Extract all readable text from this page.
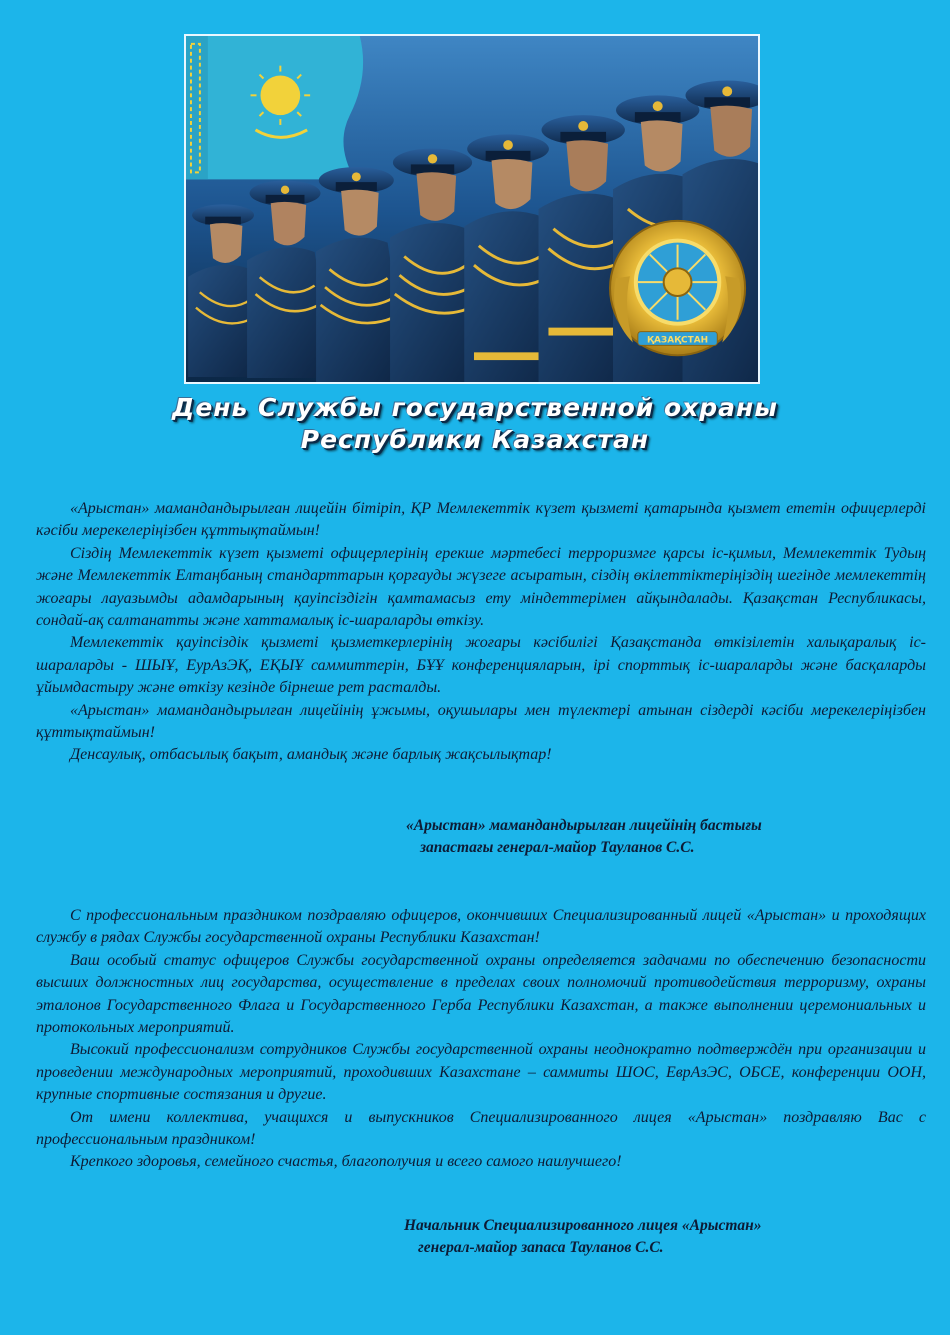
ҚАЗАҚСТАН
День Службы государственной охраны
Республики Казахстан

«Арыстан» мамандандырылған лицейін бітіріп, ҚР Мемлекеттік күзет қызметі қатарында қызмет ететін офицерлерді кәсіби мерекелеріңізбен құттықтаймын!

Сіздің Мемлекеттік күзет қызметі офицерлерінің ерекше мәртебесі терроризмге қарсы іс-қимыл, Мемлекеттік Тудың және Мемлекеттік Елтаңбаның стандарттарын қорғауды жүзеге асыратын, сіздің өкілеттіктеріңіздің шегінде мемлекеттің жоғары лауазымды адамдарының қауіпсіздігін қамтамасыз ету міндеттерімен айқындалады. Қазақстан Республикасы, сондай-ақ салтанатты және хаттамалық іс-шараларды өткізу.

Мемлекеттік қауіпсіздік қызметі қызметкерлерінің жоғары кәсібилігі Қазақстанда өткізілетін халықаралық іс-шараларды - ШЫҰ, ЕурАзЭҚ, ЕҚЫҰ саммиттерін, БҰҰ конференцияларын, ірі спорттық іс-шараларды және басқаларды ұйымдастыру және өткізу кезінде бірнеше рет расталды.

«Арыстан» мамандандырылған лицейінің ұжымы, оқушылары мен түлектері атынан сіздерді кәсіби мерекелеріңізбен құттықтаймын!

Денсаулық, отбасылық бақыт, амандық және барлық жақсылықтар!

«Арыстан» мамандандырылған лицейінің бастығы
запастағы генерал-майор Тауланов С.С.

С профессиональным праздником поздравляю офицеров, окончивших Специализированный лицей «Арыстан» и проходящих службу в рядах Службы государственной охраны Республики Казахстан!

Ваш особый статус офицеров Службы государственной охраны определяется задачами по обеспечению безопасности высших должностных лиц государства, осуществление в пределах своих полномочий противодействия терроризму, охраны эталонов Государственного Флага и Государственного Герба Республики Казахстан, а также выполнении церемониальных и протокольных мероприятий.

Высокий профессионализм сотрудников Службы государственной охраны неоднократно подтверждён при организации и проведении международных мероприятий, проходивших Казахстане – саммиты ШОС, ЕврАзЭС, ОБСЕ, конференции ООН, крупные спортивные состязания и другие.

От имени коллектива, учащихся и выпускников Специализированного лицея «Арыстан» поздравляю Вас с профессиональным праздником!

Крепкого здоровья, семейного счастья, благополучия и всего самого наилучшего!

Начальник Специализированного лицея «Арыстан»
генерал-майор запаса Тауланов С.С.
